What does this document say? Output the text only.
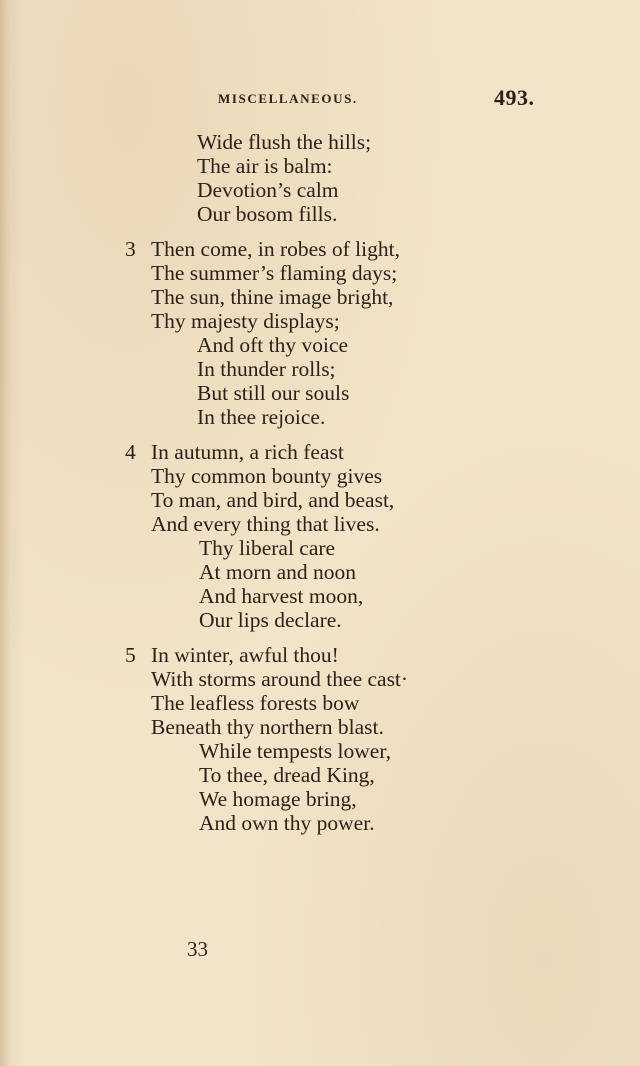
MISCELLANEOUS.	493.
Wide flush the hills;
The air is balm:
Devotion’s calm
Our bosom fills.
3 Then come, in robes of light,
The summer’s flaming days;
The sun, thine image bright,
Thy majesty displays;
And oft thy voice
In thunder rolls;
But still our souls
In thee rejoice.
4 In autumn, a rich feast
Thy common bounty gives
To man, and bird, and beast,
And every thing that lives.
Thy liberal care
At morn and noon
And harvest moon,
Our lips declare.
5 In winter, awful thou!
With storms around thee cast·
The leafless forests bow
Beneath thy northern blast.
While tempests lower,
To thee, dread King,
We homage bring,
And own thy power.
33
